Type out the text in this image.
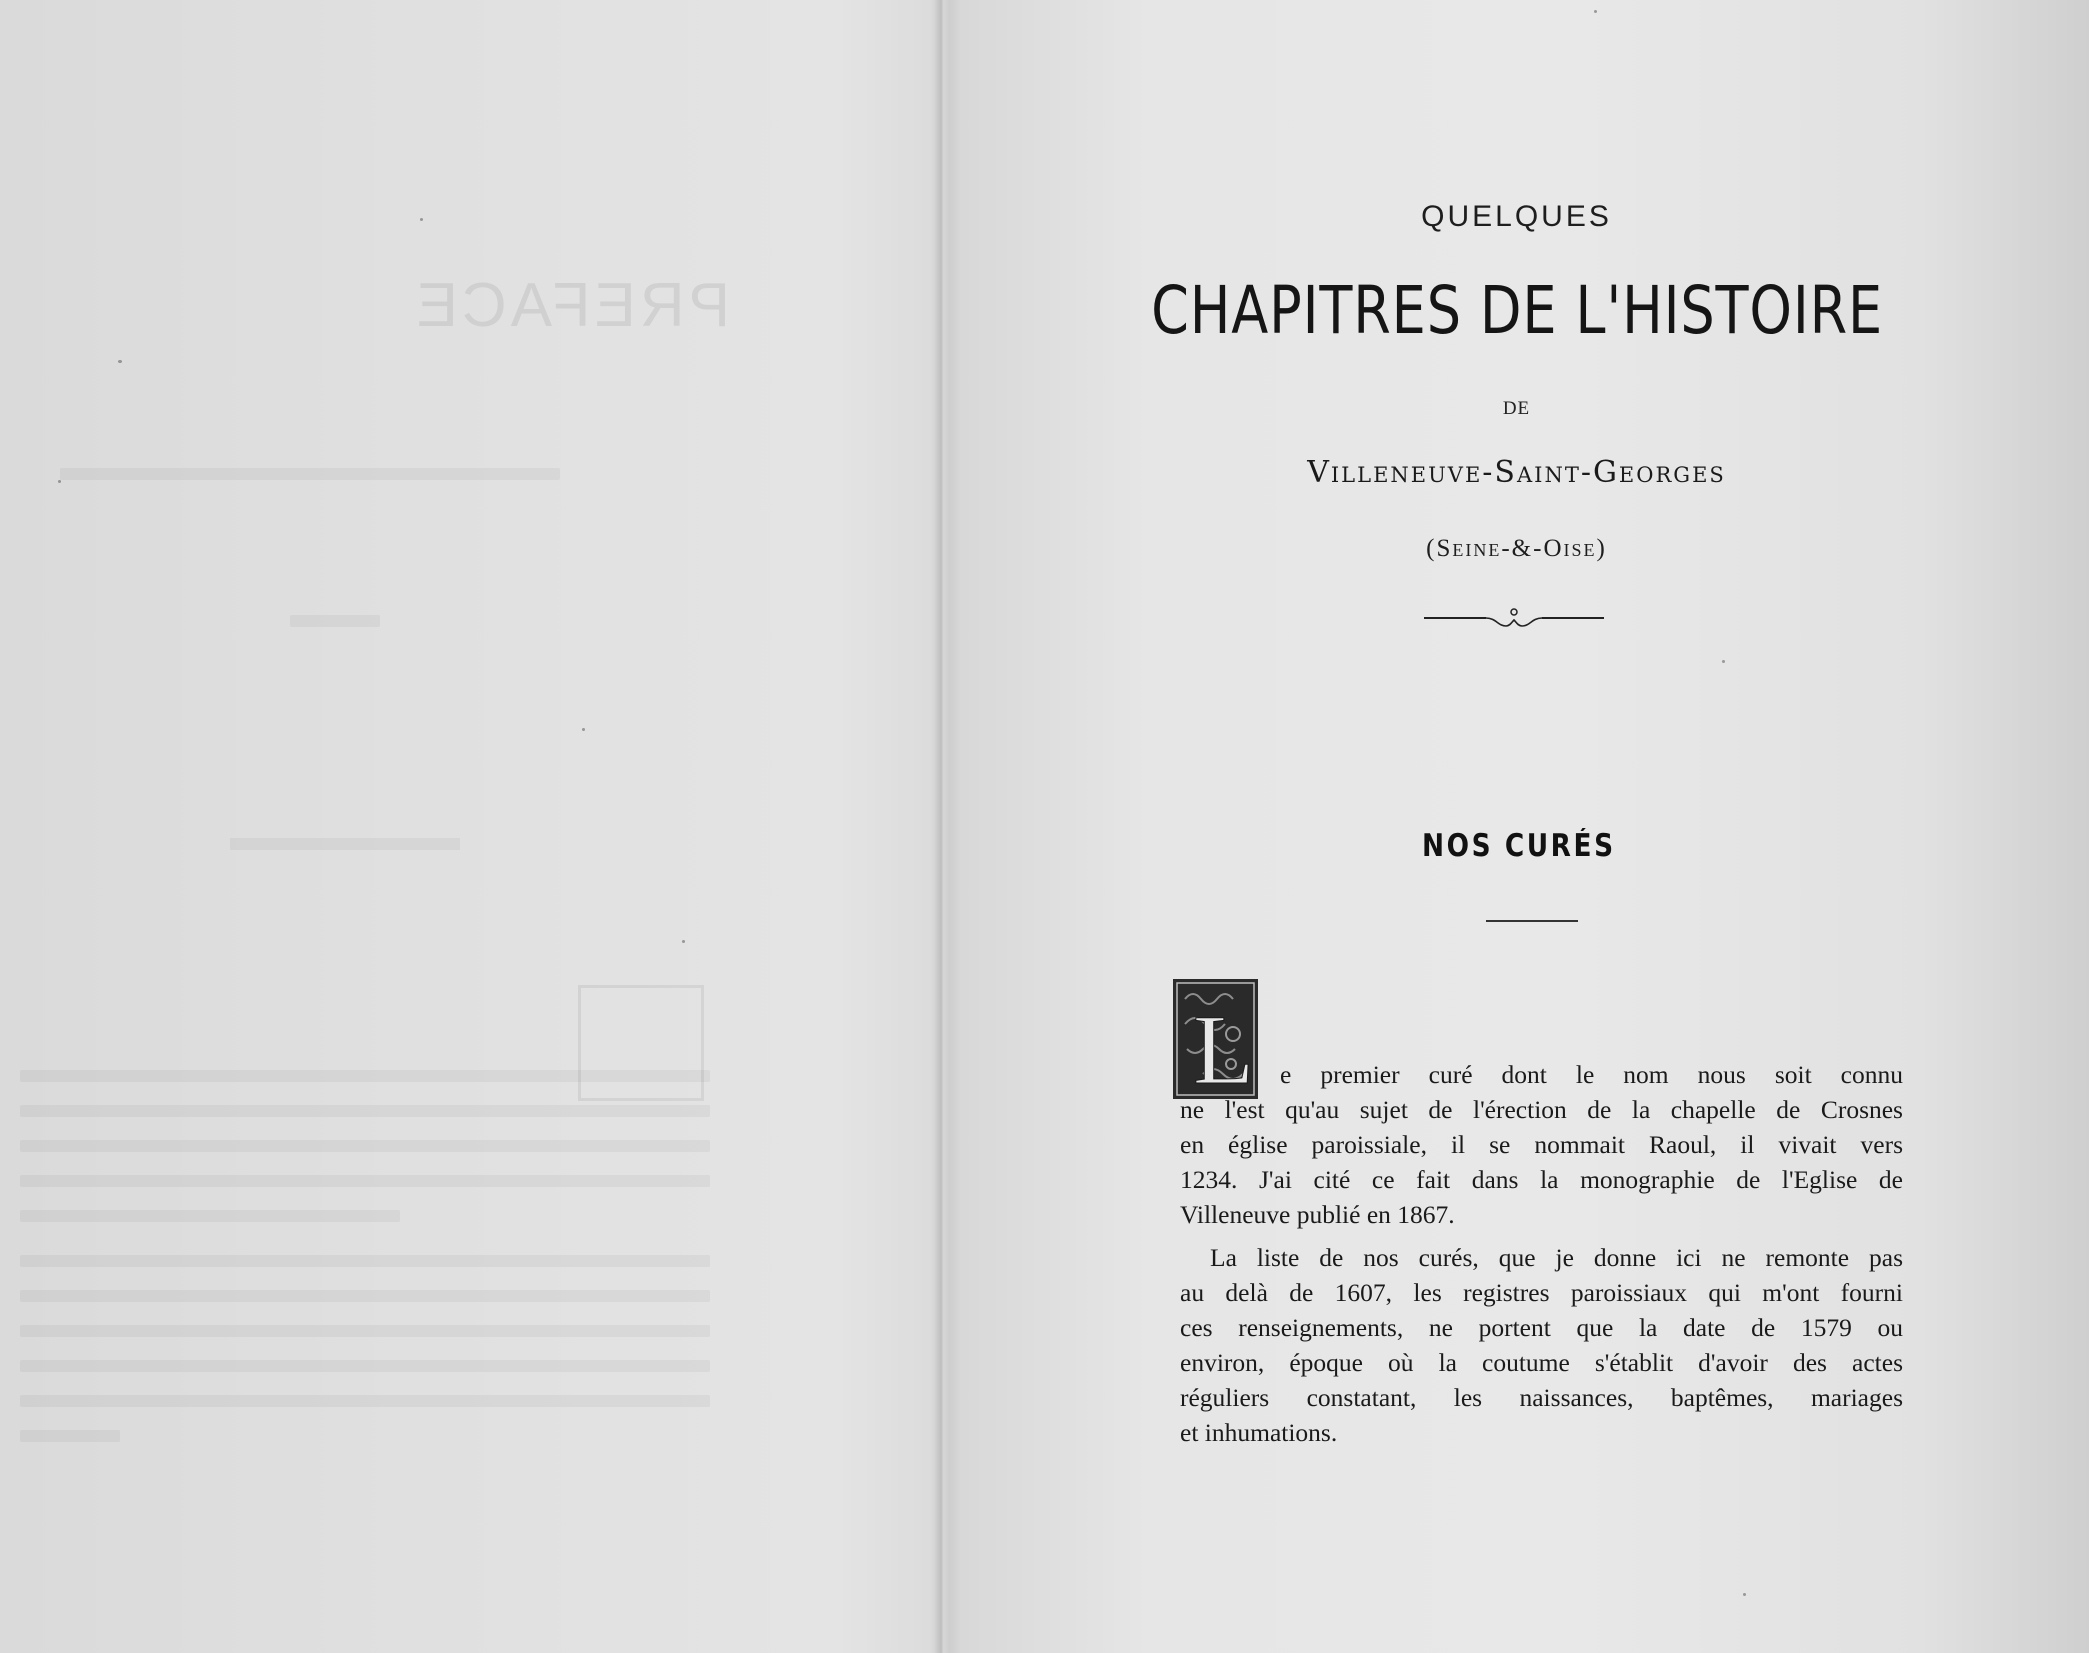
PREFACE
QUELQUES
CHAPITRES DE L'HISTOIRE
DE
Villeneuve-Saint-Georges
(Seine-&-Oise)
NOS CURÉS
L	e premier curé dont le nom nous soit connu
ne l'est qu'au sujet de l'érection de la chapelle de Crosnes
en église paroissiale, il se nommait Raoul, il vivait vers
1234. J'ai cité ce fait dans la monographie de l'Eglise de
Villeneuve publié en 1867.
La liste de nos curés, que je donne ici ne remonte pas
au delà de 1607, les registres paroissiaux qui m'ont fourni
ces renseignements, ne portent que la date de 1579 ou
environ, époque où la coutume s'établit d'avoir des actes
réguliers constatant, les naissances, baptêmes, mariages
et inhumations.
